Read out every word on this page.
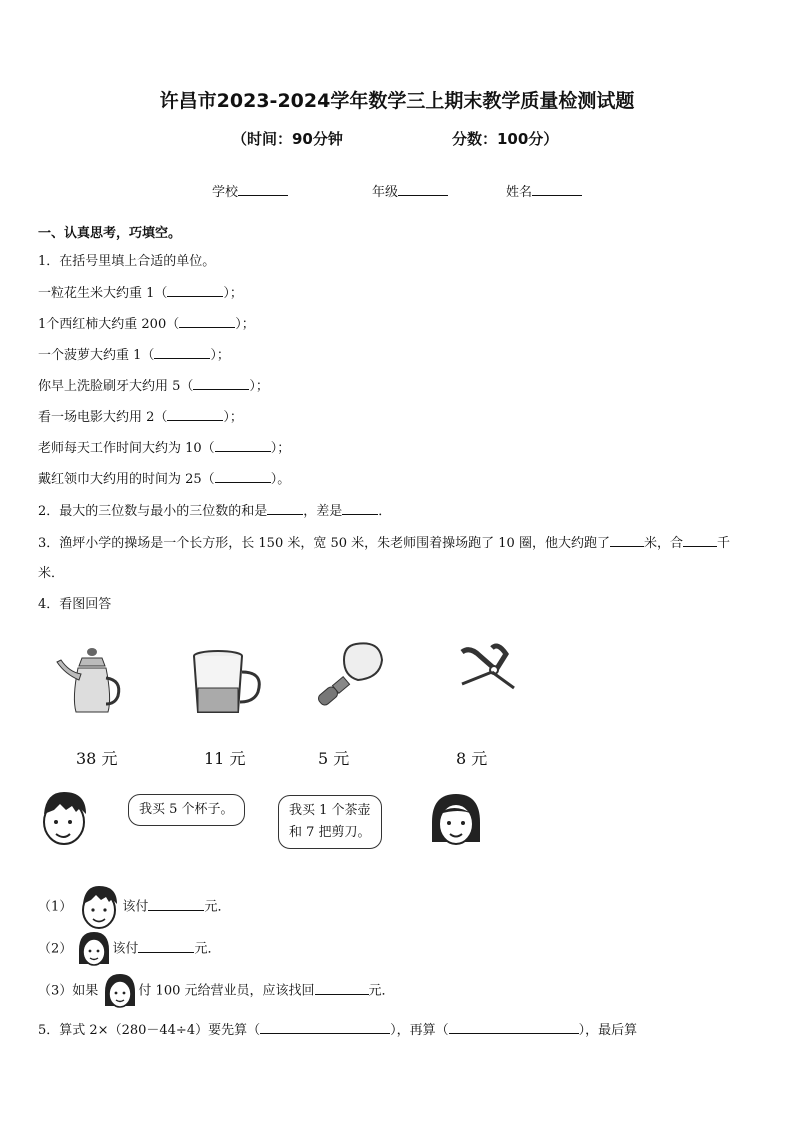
许昌市2023-2024学年数学三上期末教学质量检测试题
（时间：90分钟	分数：100分）
学校	年级	姓名
一、认真思考，巧填空。
1．在括号里填上合适的单位。
一粒花生米大约重 1（	）；
1个西红柿大约重 200（	）；
一个菠萝大约重 1（	）；
你早上洗脸刷牙大约用 5（	）；
看一场电影大约用 2（	）；
老师每天工作时间大约为 10（	）；
戴红领巾大约用的时间为 25（	）。
2．最大的三位数与最小的三位数的和是	，差是	．
3．渔坪小学的操场是一个长方形，长 150 米，宽 50 米，朱老师围着操场跑了 10 圈，他大约跑了	米，合	千
米．
4．看图回答
38 元	11 元	5 元	8 元
我买 5 个杯子。	我买 1 个茶壶
和 7 把剪刀。
（1）	该付	元．
（2）	该付	元．
（3）如果	付 100 元给营业员，应该找回	元．
5．算式 2×（280－44÷4）要先算（	），再算（	），最后算
